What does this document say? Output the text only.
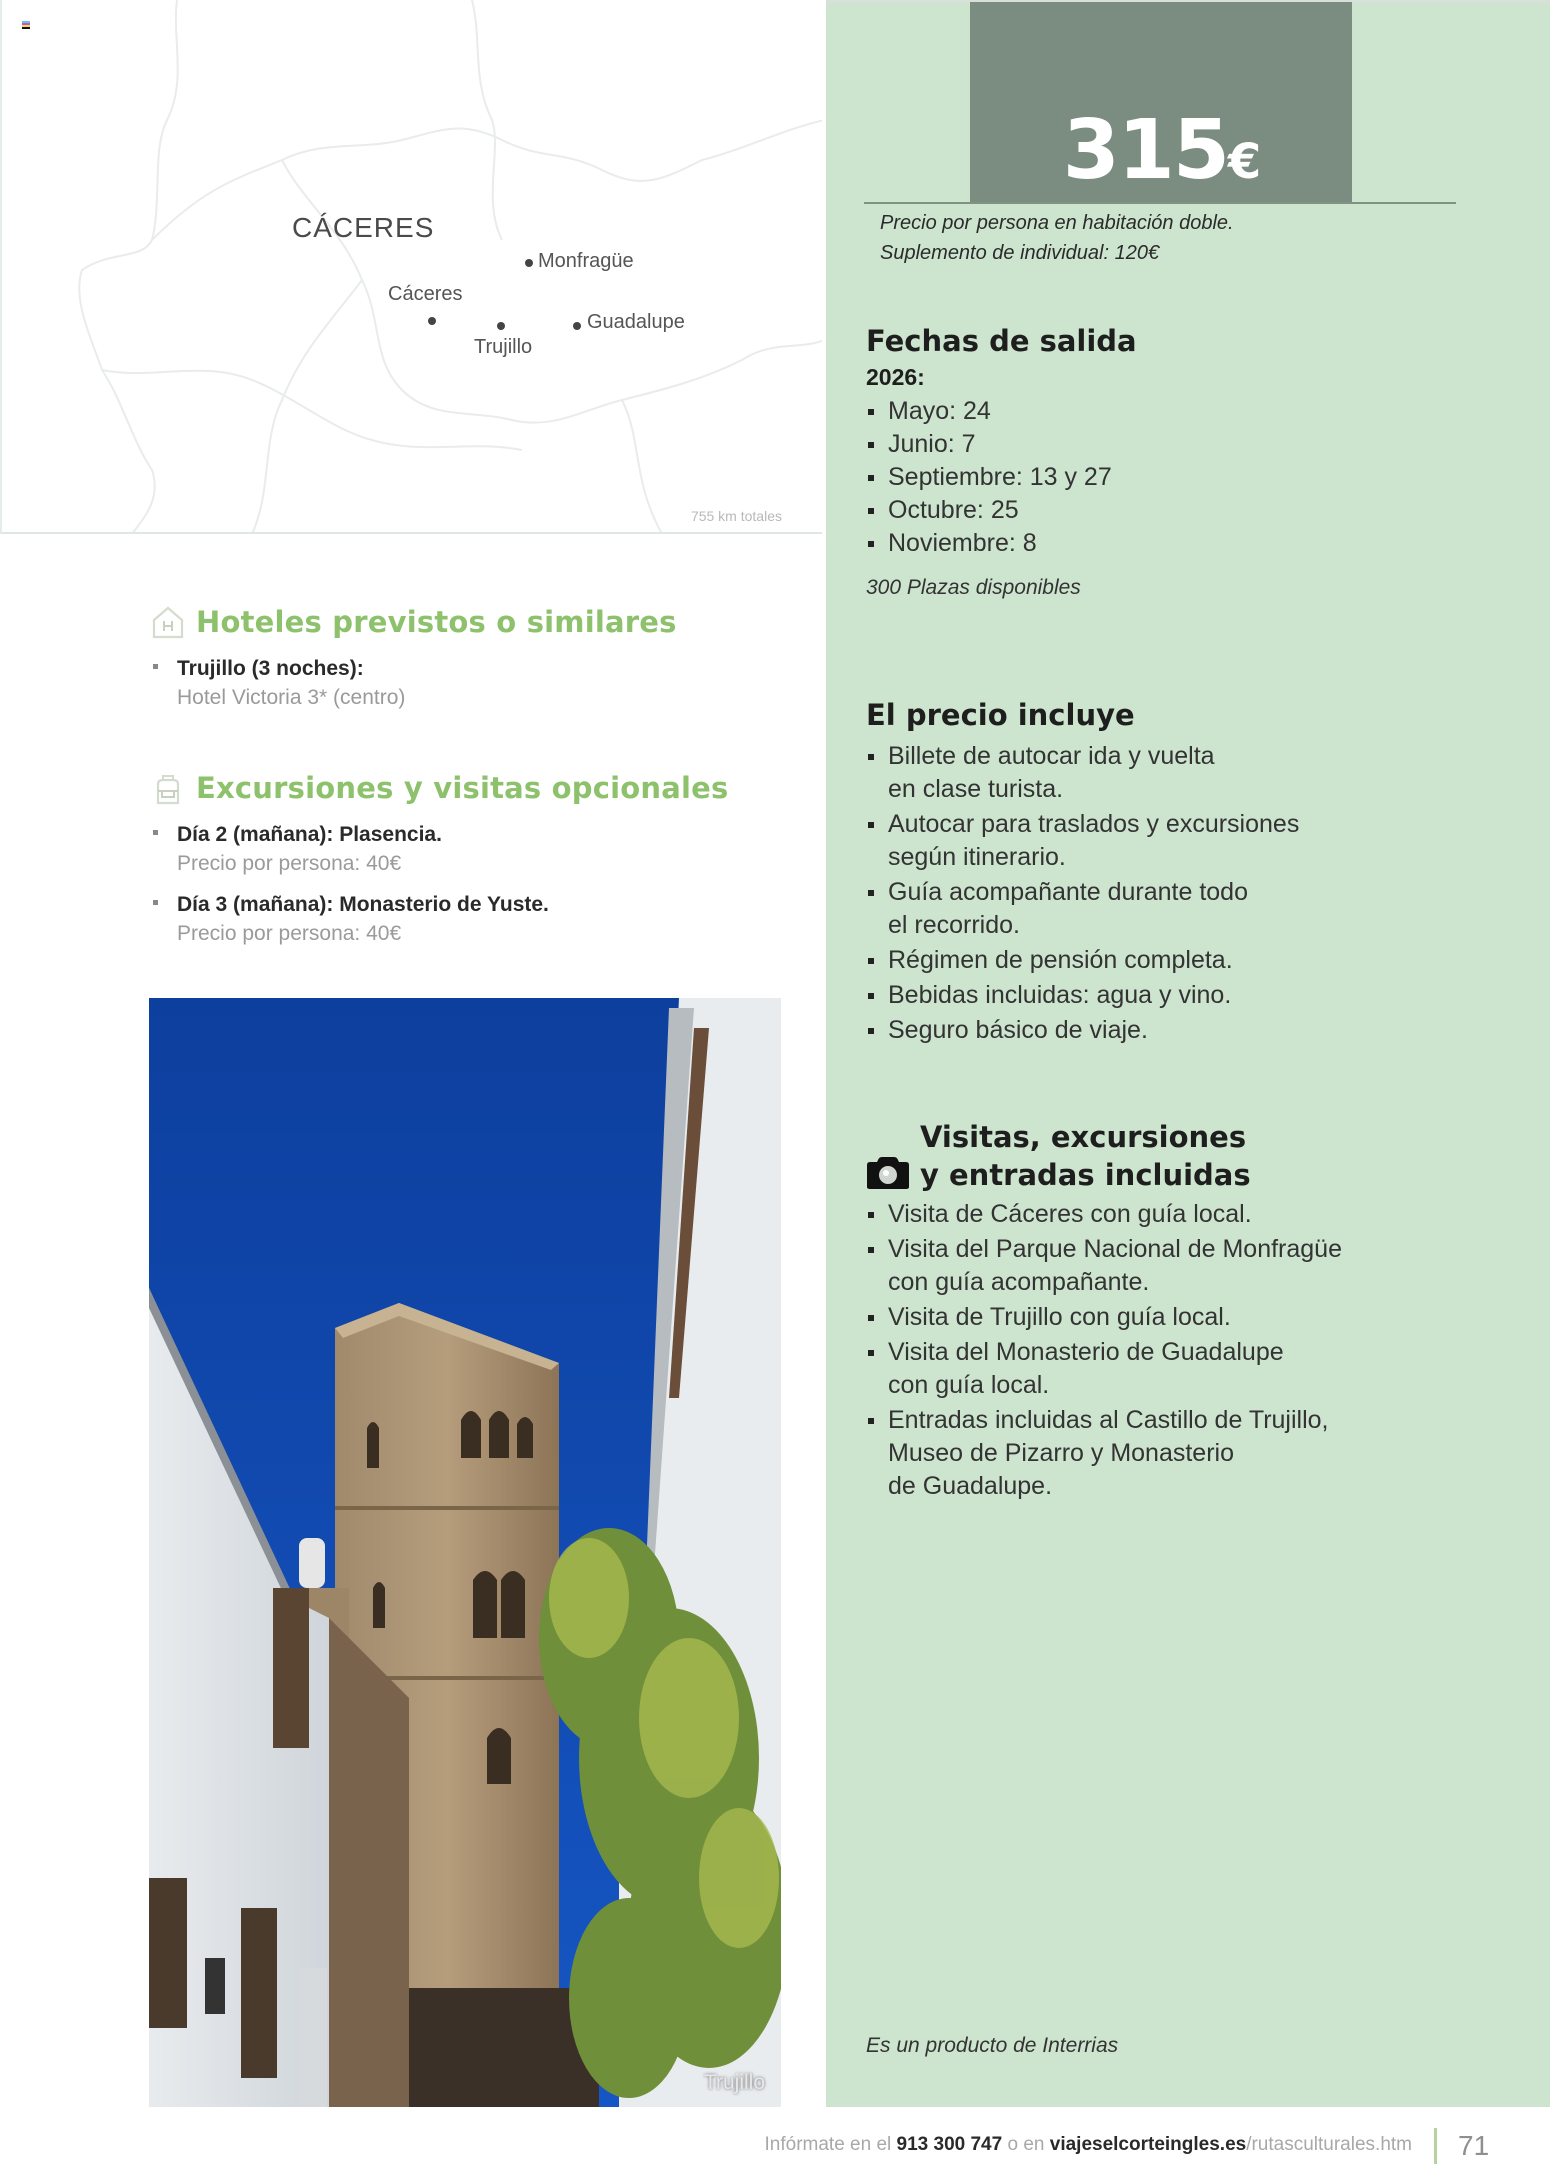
CÁCERES
Monfragüe
Cáceres
Trujillo
Guadalupe
755 km totales
Hoteles previstos o similares
Trujillo (3 noches):
Hotel Victoria 3* (centro)
Excursiones y visitas opcionales
Día 2 (mañana): Plasencia.
Precio por persona: 40€
Día 3 (mañana): Monasterio de Yuste.
Precio por persona: 40€
Trujillo
315€
Precio por persona en habitación doble.
Suplemento de individual: 120€
Fechas de salida
2026:
Mayo: 24
Junio: 7
Septiembre: 13 y 27
Octubre: 25
Noviembre: 8
300 Plazas disponibles
El precio incluye
Billete de autocar ida y vuelta
en clase turista.
Autocar para traslados y excursiones
según itinerario.
Guía acompañante durante todo
el recorrido.
Régimen de pensión completa.
Bebidas incluidas: agua y vino.
Seguro básico de viaje.
Visitas, excursiones
y entradas incluidas
Visita de Cáceres con guía local.
Visita del Parque Nacional de Monfragüe
con guía acompañante.
Visita de Trujillo con guía local.
Visita del Monasterio de Guadalupe
con guía local.
Entradas incluidas al Castillo de Trujillo,
Museo de Pizarro y Monasterio
de Guadalupe.
Es un producto de Interrias
Infórmate en el 913 300 747 o en viajeselcorteingles.es/rutasculturales.htm 71
